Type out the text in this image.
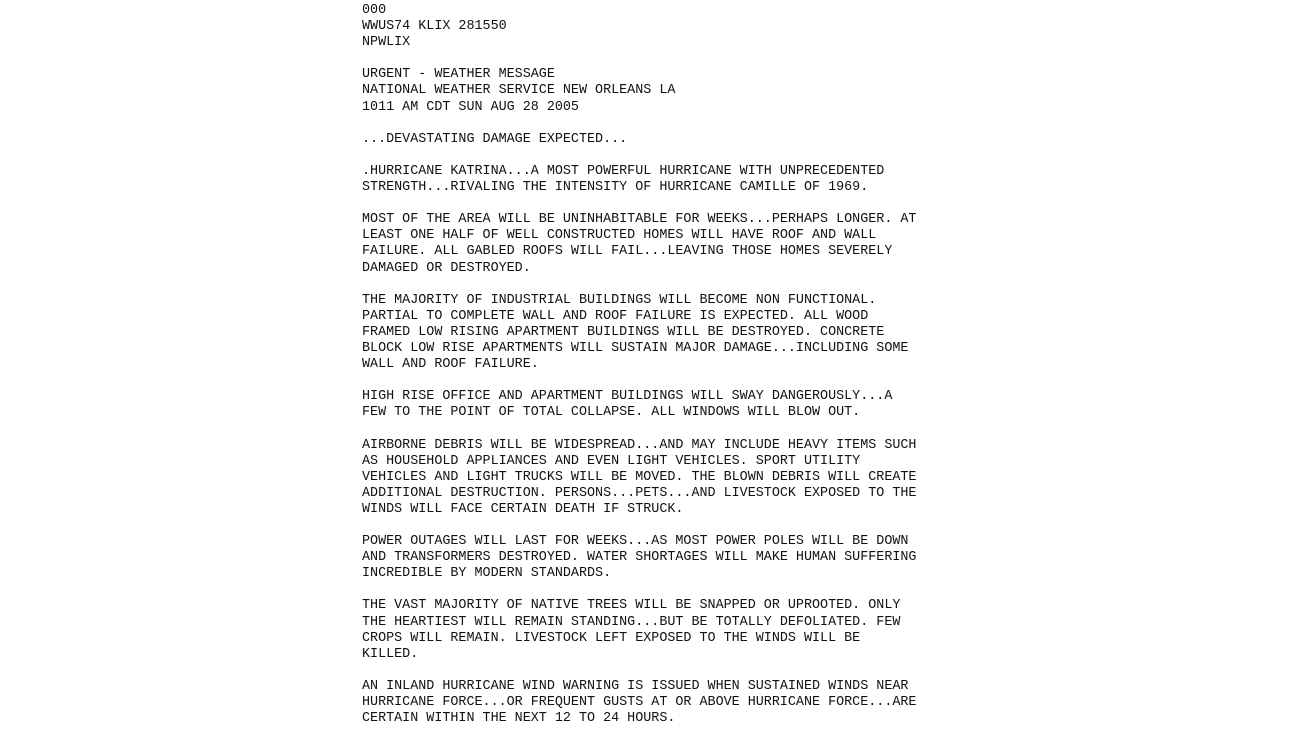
000
WWUS74 KLIX 281550
NPWLIX
URGENT - WEATHER MESSAGE
NATIONAL WEATHER SERVICE NEW ORLEANS LA
1011 AM CDT SUN AUG 28 2005
...DEVASTATING DAMAGE EXPECTED...
.HURRICANE KATRINA...A MOST POWERFUL HURRICANE WITH UNPRECEDENTED
STRENGTH...RIVALING THE INTENSITY OF HURRICANE CAMILLE OF 1969.
MOST OF THE AREA WILL BE UNINHABITABLE FOR WEEKS...PERHAPS LONGER. AT
LEAST ONE HALF OF WELL CONSTRUCTED HOMES WILL HAVE ROOF AND WALL
FAILURE. ALL GABLED ROOFS WILL FAIL...LEAVING THOSE HOMES SEVERELY
DAMAGED OR DESTROYED.
THE MAJORITY OF INDUSTRIAL BUILDINGS WILL BECOME NON FUNCTIONAL.
PARTIAL TO COMPLETE WALL AND ROOF FAILURE IS EXPECTED. ALL WOOD
FRAMED LOW RISING APARTMENT BUILDINGS WILL BE DESTROYED. CONCRETE
BLOCK LOW RISE APARTMENTS WILL SUSTAIN MAJOR DAMAGE...INCLUDING SOME
WALL AND ROOF FAILURE.
HIGH RISE OFFICE AND APARTMENT BUILDINGS WILL SWAY DANGEROUSLY...A
FEW TO THE POINT OF TOTAL COLLAPSE. ALL WINDOWS WILL BLOW OUT.
AIRBORNE DEBRIS WILL BE WIDESPREAD...AND MAY INCLUDE HEAVY ITEMS SUCH
AS HOUSEHOLD APPLIANCES AND EVEN LIGHT VEHICLES. SPORT UTILITY
VEHICLES AND LIGHT TRUCKS WILL BE MOVED. THE BLOWN DEBRIS WILL CREATE
ADDITIONAL DESTRUCTION. PERSONS...PETS...AND LIVESTOCK EXPOSED TO THE
WINDS WILL FACE CERTAIN DEATH IF STRUCK.
POWER OUTAGES WILL LAST FOR WEEKS...AS MOST POWER POLES WILL BE DOWN
AND TRANSFORMERS DESTROYED. WATER SHORTAGES WILL MAKE HUMAN SUFFERING
INCREDIBLE BY MODERN STANDARDS.
THE VAST MAJORITY OF NATIVE TREES WILL BE SNAPPED OR UPROOTED. ONLY
THE HEARTIEST WILL REMAIN STANDING...BUT BE TOTALLY DEFOLIATED. FEW
CROPS WILL REMAIN. LIVESTOCK LEFT EXPOSED TO THE WINDS WILL BE
KILLED.
AN INLAND HURRICANE WIND WARNING IS ISSUED WHEN SUSTAINED WINDS NEAR
HURRICANE FORCE...OR FREQUENT GUSTS AT OR ABOVE HURRICANE FORCE...ARE
CERTAIN WITHIN THE NEXT 12 TO 24 HOURS.
